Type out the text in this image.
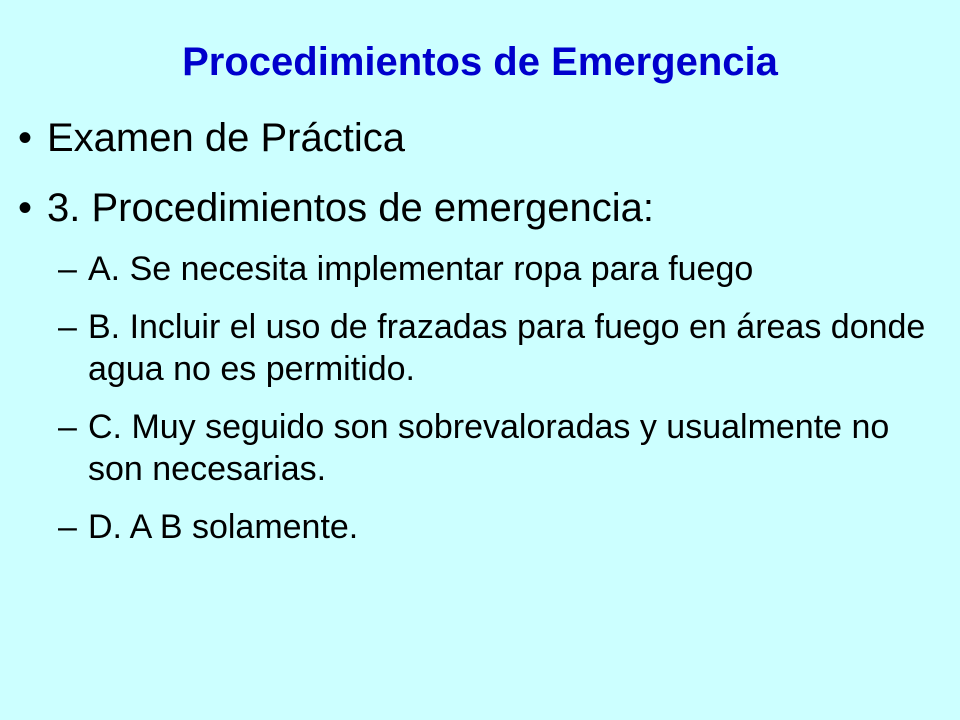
Procedimientos de Emergencia
• Examen de Práctica
• 3. Procedimientos de emergencia:
– A. Se necesita implementar ropa para fuego
– B. Incluir el uso de frazadas para fuego en áreas donde agua no es permitido.
– C. Muy seguido son sobrevaloradas y usualmente no son necesarias.
– D. A B solamente.
